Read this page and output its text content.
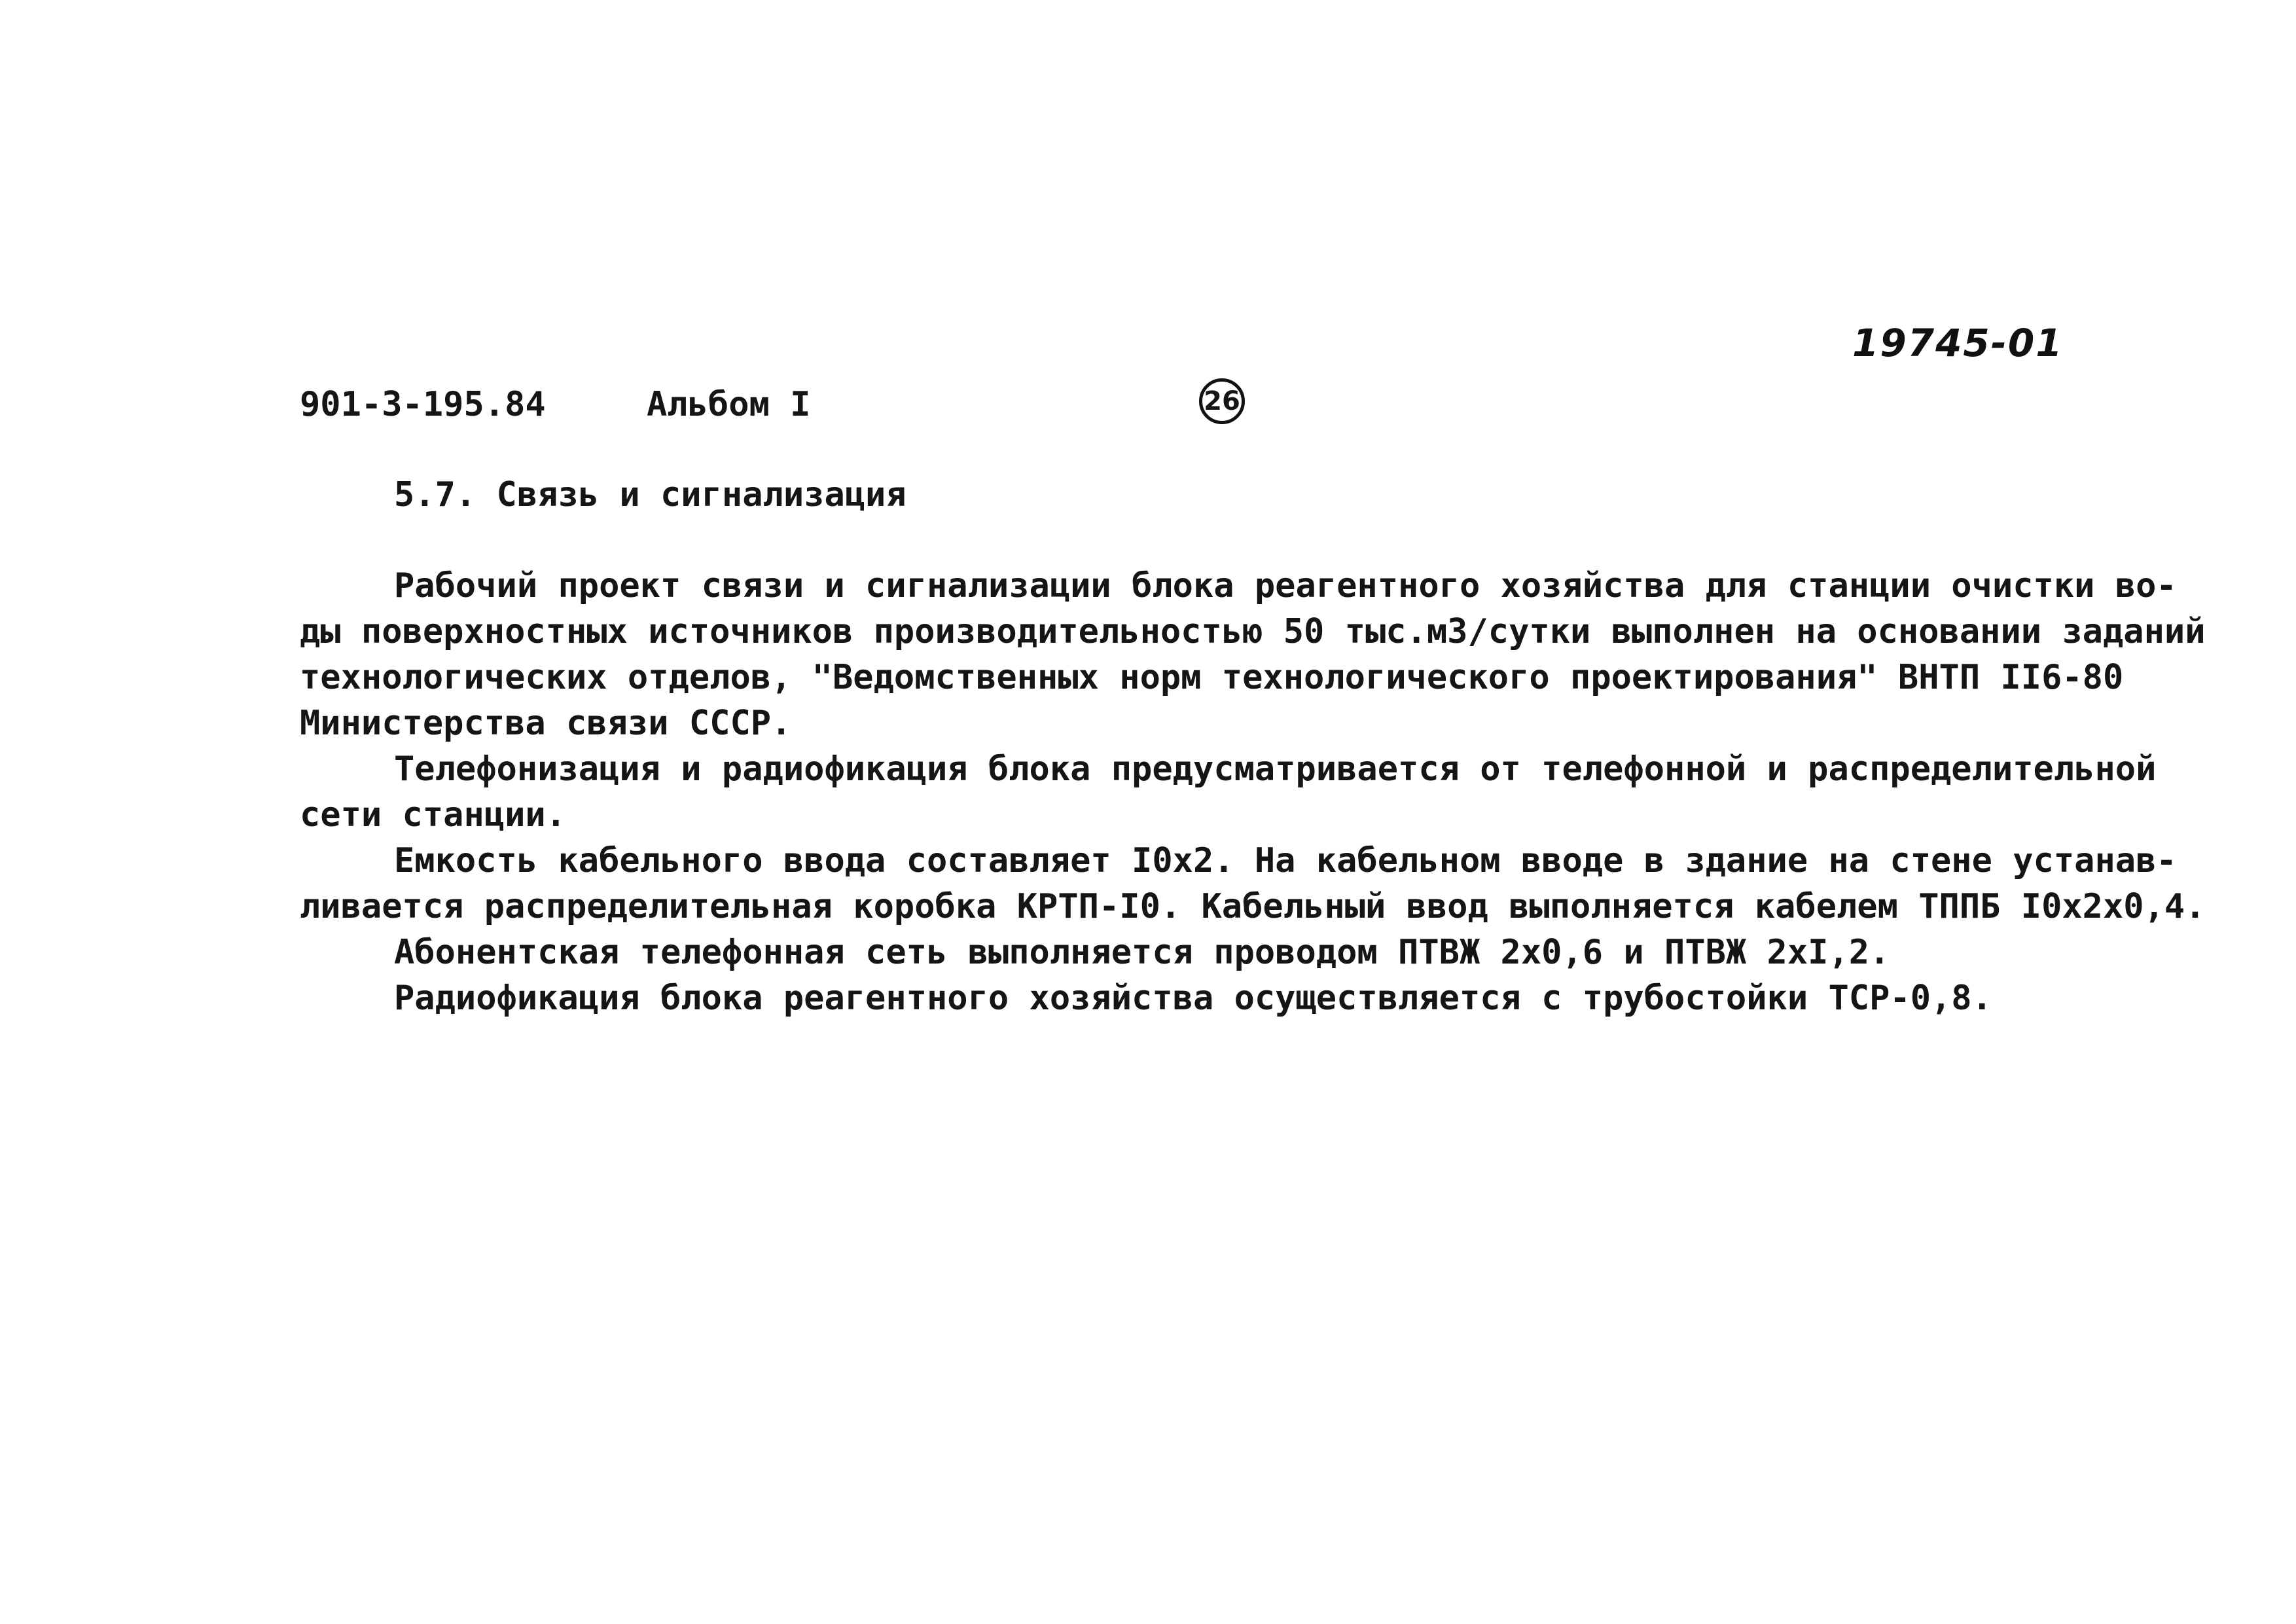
19745-01
901-3-195.84	Альбом I	26
5.7. Связь и сигнализация
Рабочий проект связи и сигнализации блока реагентного хозяйства для станции очистки во-
ды поверхностных источников производительностью 50 тыс.м3/сутки выполнен на основании заданий
технологических отделов, "Ведомственных норм технологического проектирования" ВНТП II6-80
Министерства связи СССР.
Телефонизация и радиофикация блока предусматривается от телефонной и распределительной
сети станции.
Емкость кабельного ввода составляет I0х2. На кабельном вводе в здание на стене устанав-
ливается распределительная коробка КРТП-I0. Кабельный ввод выполняется кабелем ТППБ I0х2х0,4.
Абонентская телефонная сеть выполняется проводом ПТВЖ 2х0,6 и ПТВЖ 2хI,2.
Радиофикация блока реагентного хозяйства осуществляется с трубостойки ТСР-0,8.
